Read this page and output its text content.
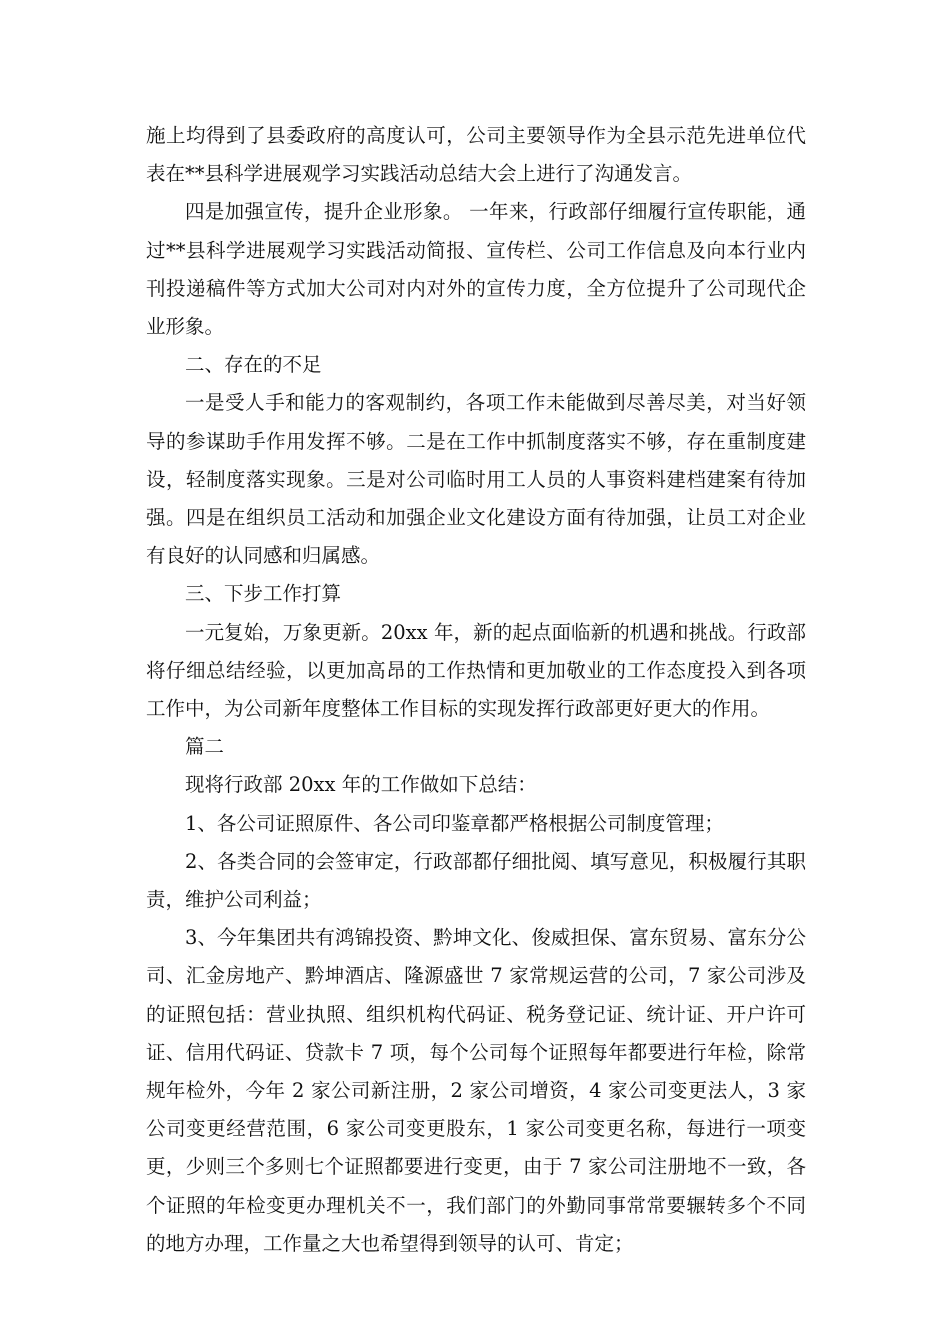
施上均得到了县委政府的高度认可，公司主要领导作为全县示范先进单位代表在**县科学进展观学习实践活动总结大会上进行了沟通发言。

四是加强宣传，提升企业形象。 一年来，行政部仔细履行宣传职能，通过**县科学进展观学习实践活动简报、宣传栏、公司工作信息及向本行业内刊投递稿件等方式加大公司对内对外的宣传力度，全方位提升了公司现代企业形象。

二、存在的不足

一是受人手和能力的客观制约，各项工作未能做到尽善尽美，对当好领导的参谋助手作用发挥不够。二是在工作中抓制度落实不够，存在重制度建设，轻制度落实现象。三是对公司临时用工人员的人事资料建档建案有待加强。四是在组织员工活动和加强企业文化建设方面有待加强，让员工对企业有良好的认同感和归属感。

三、下步工作打算

一元复始，万象更新。20xx 年，新的起点面临新的机遇和挑战。行政部将仔细总结经验，以更加高昂的工作热情和更加敬业的工作态度投入到各项工作中，为公司新年度整体工作目标的实现发挥行政部更好更大的作用。

篇二

现将行政部 20xx 年的工作做如下总结：

1、各公司证照原件、各公司印鉴章都严格根据公司制度管理；

2、各类合同的会签审定，行政部都仔细批阅、填写意见，积极履行其职责，维护公司利益；

3、今年集团共有鸿锦投资、黔坤文化、俊威担保、富东贸易、富东分公司、汇金房地产、黔坤酒店、隆源盛世 7 家常规运营的公司，7 家公司涉及的证照包括：营业执照、组织机构代码证、税务登记证、统计证、开户许可证、信用代码证、贷款卡 7 项，每个公司每个证照每年都要进行年检，除常规年检外，今年 2 家公司新注册，2 家公司增资，4 家公司变更法人，3 家公司变更经营范围，6 家公司变更股东，1 家公司变更名称，每进行一项变更，少则三个多则七个证照都要进行变更，由于 7 家公司注册地不一致，各个证照的年检变更办理机关不一，我们部门的外勤同事常常要辗转多个不同的地方办理，工作量之大也希望得到领导的认可、肯定；
